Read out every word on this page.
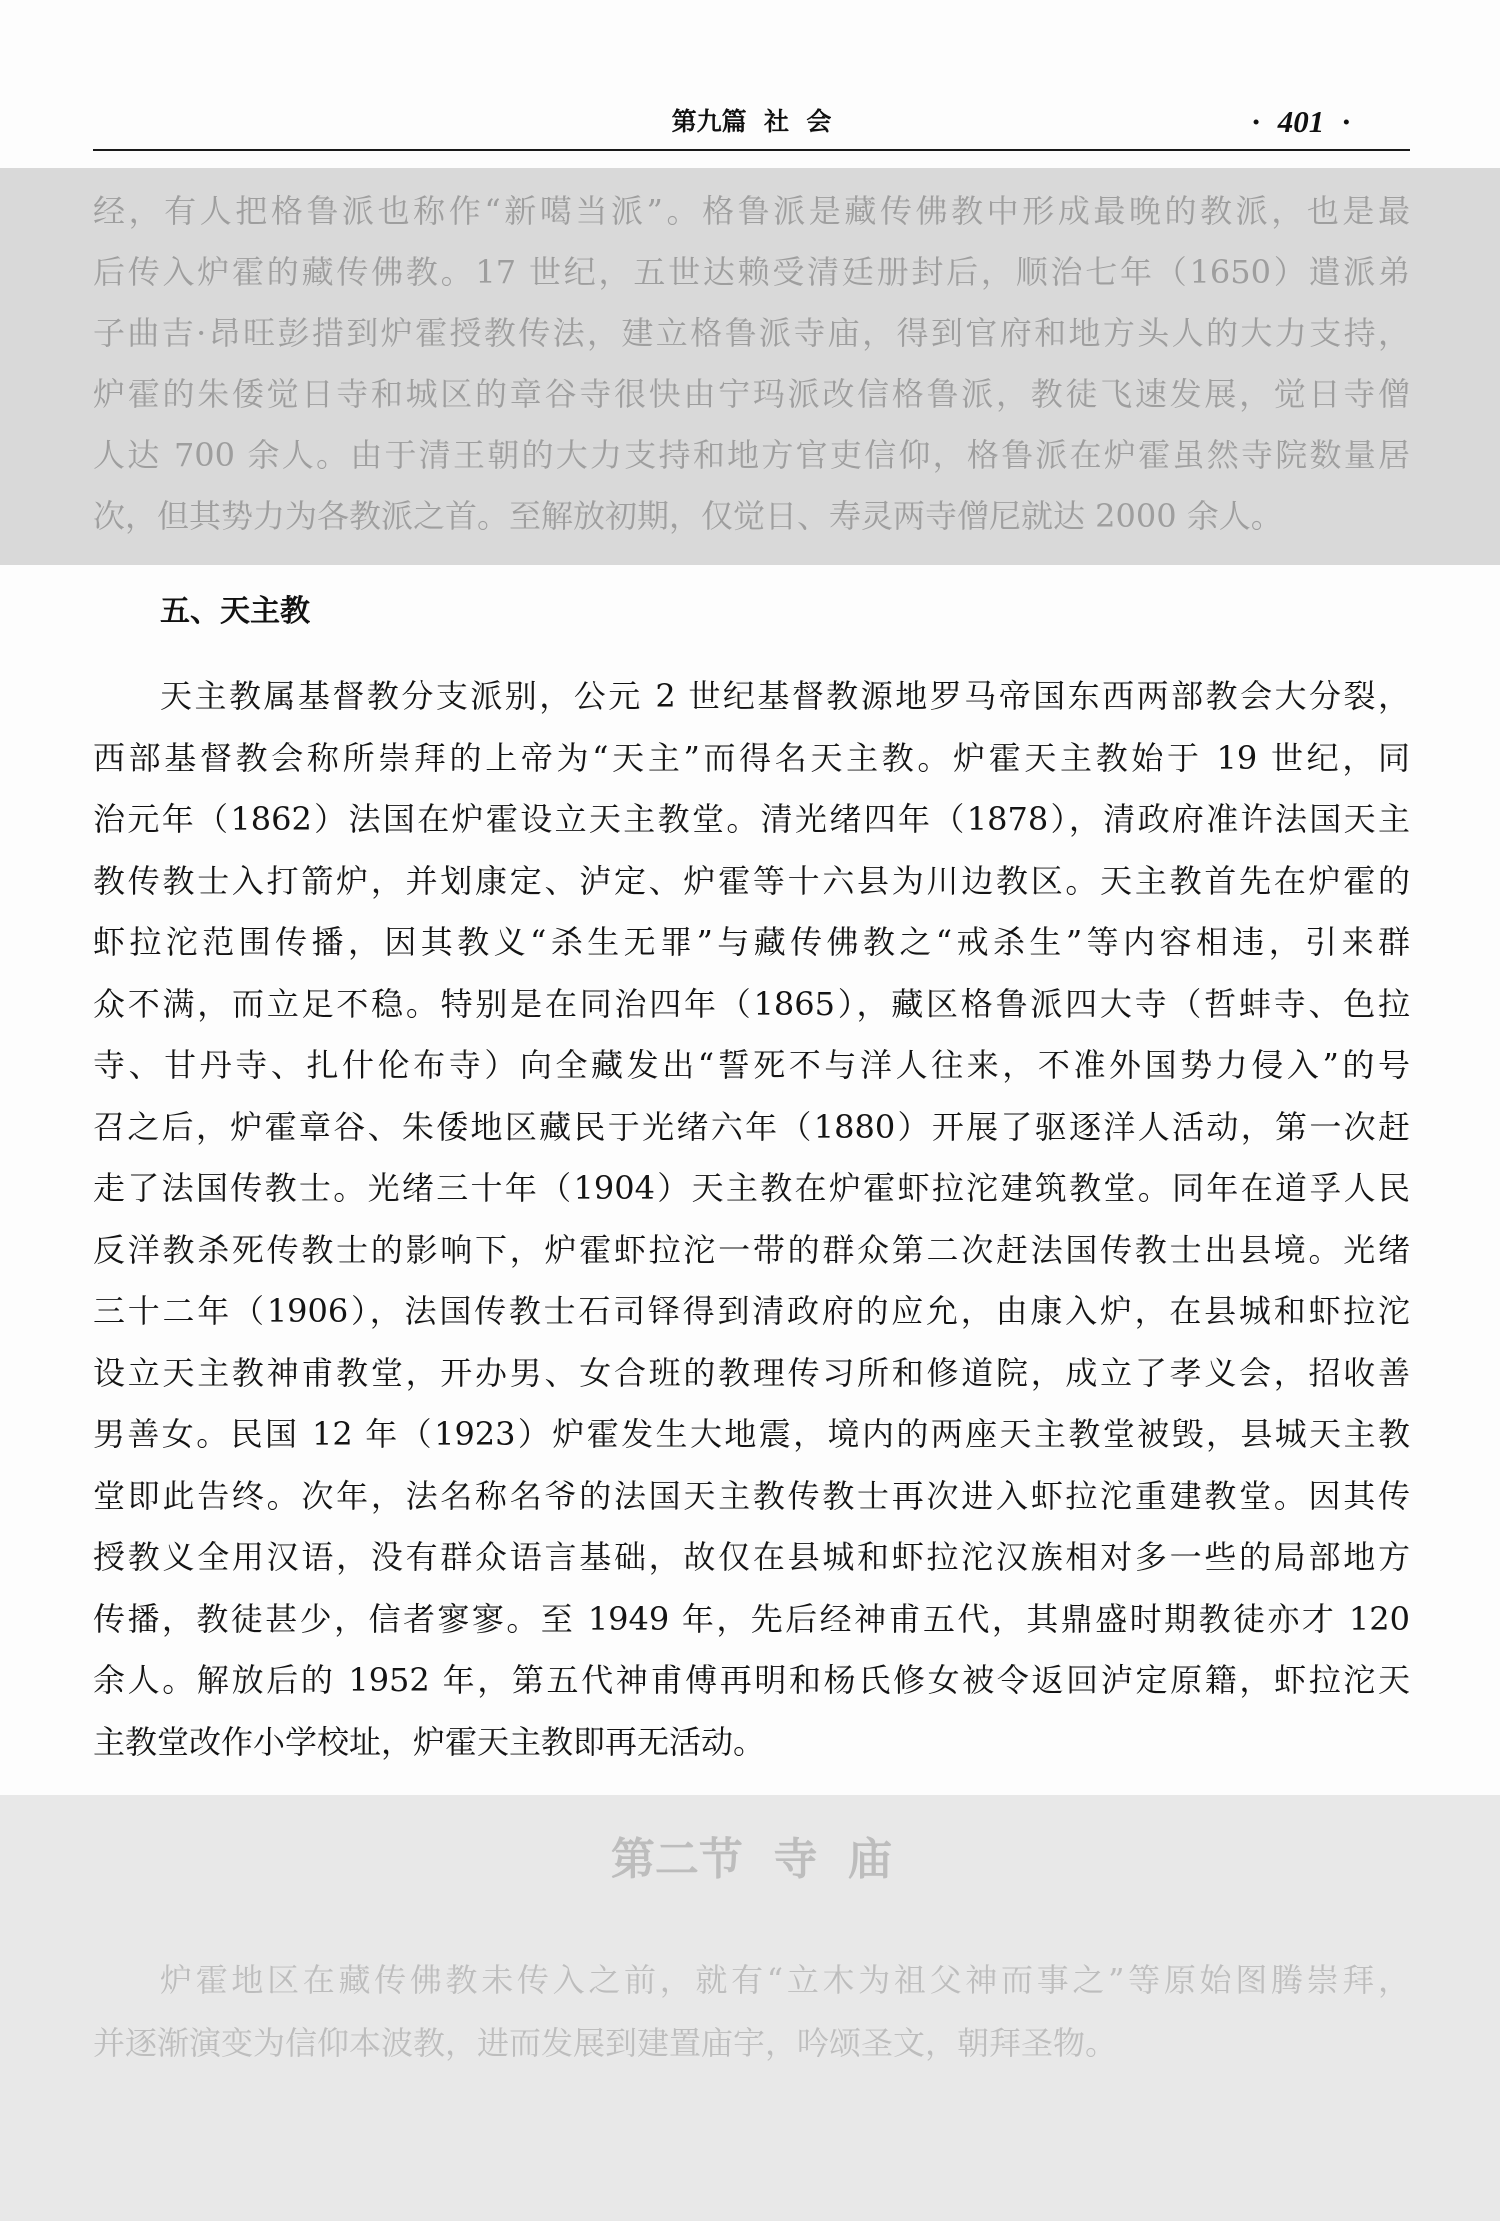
第九篇  社  会	· 401 ·
经，有人把格鲁派也称作“新噶当派”。格鲁派是藏传佛教中形成最晚的教派，也是最
后传入炉霍的藏传佛教。17 世纪，五世达赖受清廷册封后，顺治七年（1650）遣派弟
子曲吉·昂旺彭措到炉霍授教传法，建立格鲁派寺庙，得到官府和地方头人的大力支持，
炉霍的朱倭觉日寺和城区的章谷寺很快由宁玛派改信格鲁派，教徒飞速发展，觉日寺僧
人达 700 余人。由于清王朝的大力支持和地方官吏信仰，格鲁派在炉霍虽然寺院数量居
次，但其势力为各教派之首。至解放初期，仅觉日、寿灵两寺僧尼就达 2000 余人。
五、天主教
天主教属基督教分支派别，公元 2 世纪基督教源地罗马帝国东西两部教会大分裂，
西部基督教会称所崇拜的上帝为“天主”而得名天主教。炉霍天主教始于 19 世纪，同
治元年（1862）法国在炉霍设立天主教堂。清光绪四年（1878），清政府准许法国天主
教传教士入打箭炉，并划康定、泸定、炉霍等十六县为川边教区。天主教首先在炉霍的
虾拉沱范围传播，因其教义“杀生无罪”与藏传佛教之“戒杀生”等内容相违，引来群
众不满，而立足不稳。特别是在同治四年（1865），藏区格鲁派四大寺（哲蚌寺、色拉
寺、甘丹寺、扎什伦布寺）向全藏发出“誓死不与洋人往来，不准外国势力侵入”的号
召之后，炉霍章谷、朱倭地区藏民于光绪六年（1880）开展了驱逐洋人活动，第一次赶
走了法国传教士。光绪三十年（1904）天主教在炉霍虾拉沱建筑教堂。同年在道孚人民
反洋教杀死传教士的影响下，炉霍虾拉沱一带的群众第二次赶法国传教士出县境。光绪
三十二年（1906），法国传教士石司铎得到清政府的应允，由康入炉，在县城和虾拉沱
设立天主教神甫教堂，开办男、女合班的教理传习所和修道院，成立了孝义会，招收善
男善女。民国 12 年（1923）炉霍发生大地震，境内的两座天主教堂被毁，县城天主教
堂即此告终。次年，法名称名爷的法国天主教传教士再次进入虾拉沱重建教堂。因其传
授教义全用汉语，没有群众语言基础，故仅在县城和虾拉沱汉族相对多一些的局部地方
传播，教徒甚少，信者寥寥。至 1949 年，先后经神甫五代，其鼎盛时期教徒亦才 120
余人。解放后的 1952 年，第五代神甫傅再明和杨氏修女被令返回泸定原籍，虾拉沱天
主教堂改作小学校址，炉霍天主教即再无活动。
第二节  寺  庙
炉霍地区在藏传佛教未传入之前，就有“立木为祖父神而事之”等原始图腾崇拜，
并逐渐演变为信仰本波教，进而发展到建置庙宇，吟颂圣文，朝拜圣物。
